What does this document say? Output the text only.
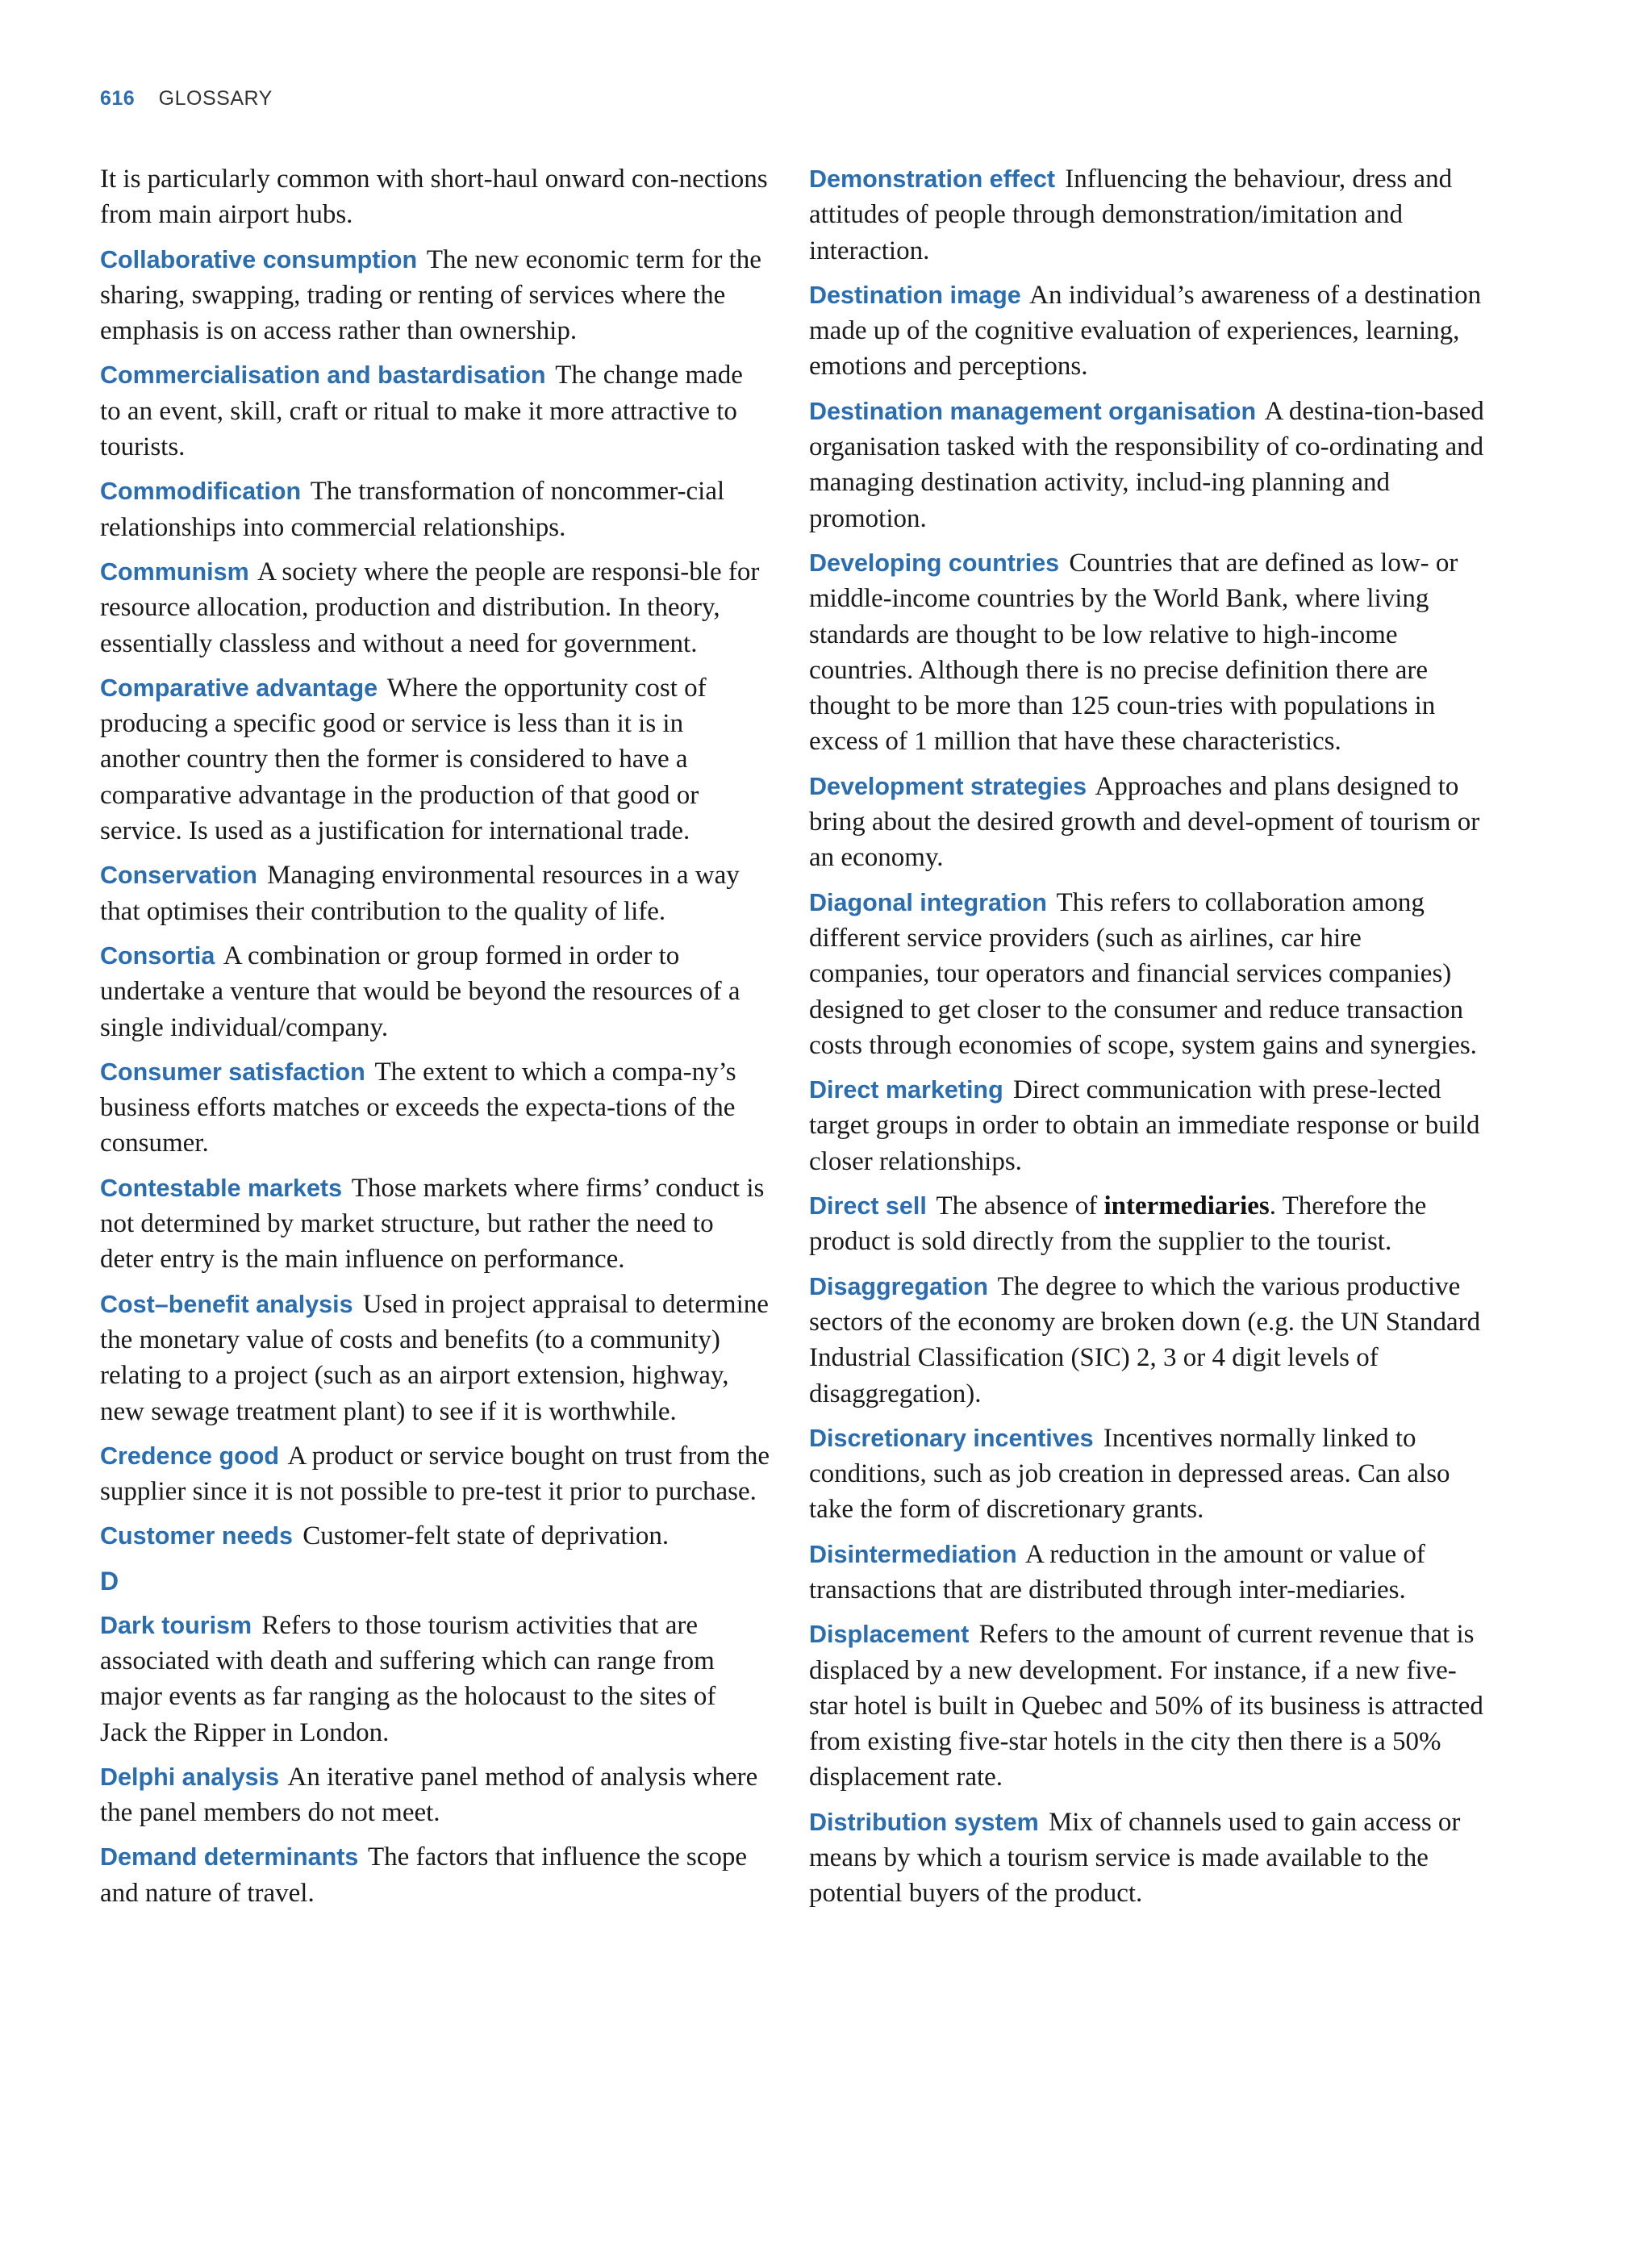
616 GLOSSARY

It is particularly common with short-haul onward con-nections from main airport hubs.

Collaborative consumption The new economic term for the sharing, swapping, trading or renting of services where the emphasis is on access rather than ownership.

Commercialisation and bastardisation The change made to an event, skill, craft or ritual to make it more attractive to tourists.

Commodification The transformation of noncommer-cial relationships into commercial relationships.

Communism A society where the people are responsi-ble for resource allocation, production and distribution. In theory, essentially classless and without a need for government.

Comparative advantage Where the opportunity cost of producing a specific good or service is less than it is in another country then the former is considered to have a comparative advantage in the production of that good or service. Is used as a justification for international trade.

Conservation Managing environmental resources in a way that optimises their contribution to the quality of life.

Consortia A combination or group formed in order to undertake a venture that would be beyond the resources of a single individual/company.

Consumer satisfaction The extent to which a compa-ny’s business efforts matches or exceeds the expecta-tions of the consumer.

Contestable markets Those markets where firms’ conduct is not determined by market structure, but rather the need to deter entry is the main influence on performance.

Cost–benefit analysis Used in project appraisal to determine the monetary value of costs and benefits (to a community) relating to a project (such as an airport extension, highway, new sewage treatment plant) to see if it is worthwhile.

Credence good A product or service bought on trust from the supplier since it is not possible to pre-test it prior to purchase.

Customer needs Customer-felt state of deprivation.

D

Dark tourism Refers to those tourism activities that are associated with death and suffering which can range from major events as far ranging as the holocaust to the sites of Jack the Ripper in London.

Delphi analysis An iterative panel method of analysis where the panel members do not meet.

Demand determinants The factors that influence the scope and nature of travel.

Demonstration effect Influencing the behaviour, dress and attitudes of people through demonstration/imitation and interaction.

Destination image An individual’s awareness of a destination made up of the cognitive evaluation of experiences, learning, emotions and perceptions.

Destination management organisation A destina-tion-based organisation tasked with the responsibility of co-ordinating and managing destination activity, includ-ing planning and promotion.

Developing countries Countries that are defined as low- or middle-income countries by the World Bank, where living standards are thought to be low relative to high-income countries. Although there is no precise definition there are thought to be more than 125 coun-tries with populations in excess of 1 million that have these characteristics.

Development strategies Approaches and plans designed to bring about the desired growth and devel-opment of tourism or an economy.

Diagonal integration This refers to collaboration among different service providers (such as airlines, car hire companies, tour operators and financial services companies) designed to get closer to the consumer and reduce transaction costs through economies of scope, system gains and synergies.

Direct marketing Direct communication with prese-lected target groups in order to obtain an immediate response or build closer relationships.

Direct sell The absence of intermediaries. Therefore the product is sold directly from the supplier to the tourist.

Disaggregation The degree to which the various productive sectors of the economy are broken down (e.g. the UN Standard Industrial Classification (SIC) 2, 3 or 4 digit levels of disaggregation).

Discretionary incentives Incentives normally linked to conditions, such as job creation in depressed areas. Can also take the form of discretionary grants.

Disintermediation A reduction in the amount or value of transactions that are distributed through inter-mediaries.

Displacement Refers to the amount of current revenue that is displaced by a new development. For instance, if a new five-star hotel is built in Quebec and 50% of its business is attracted from existing five-star hotels in the city then there is a 50% displacement rate.

Distribution system Mix of channels used to gain access or means by which a tourism service is made available to the potential buyers of the product.
